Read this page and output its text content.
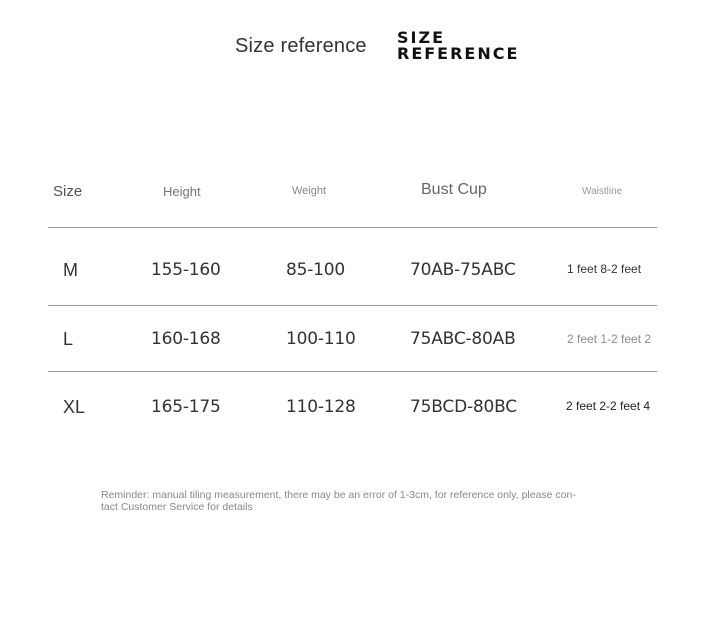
Size reference SIZE
REFERENCE
Size	Height	Weight	Bust Cup	Waistline
M	155-160	85-100	70AB-75ABC	1 feet 8-2 feet
L	160-168	100-110	75ABC-80AB	2 feet 1-2 feet 2
XL	165-175	110-128	75BCD-80BC	2 feet 2-2 feet 4
Reminder: manual tiling measurement, there may be an error of 1-3cm, for reference only, please con-
tact Customer Service for details
